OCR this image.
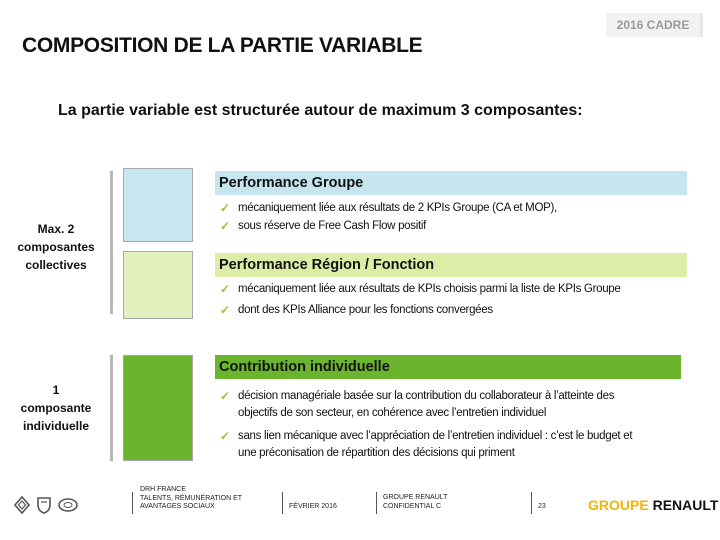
2016 CADRE
COMPOSITION DE LA PARTIE VARIABLE
La partie variable est structurée autour de maximum 3 composantes:
Max. 2
composantes
collectives
1
composante
individuelle
Performance Groupe
✓ mécaniquement liée aux résultats de 2 KPIs Groupe (CA et MOP),
✓ sous réserve de Free Cash Flow positif
Performance Région / Fonction
✓ mécaniquement liée aux résultats de KPIs choisis parmi la liste de KPIs Groupe
✓ dont des KPIs Alliance pour les fonctions convergées
Contribution individuelle
✓ décision managériale basée sur la contribution du collaborateur à l’atteinte des
objectifs de son secteur, en cohérence avec l’entretien individuel
✓ sans lien mécanique avec l’appréciation de l’entretien individuel : c’est le budget et
une préconisation de répartition des décisions qui priment
DRH FRANCE
TALENTS, RÉMUNÉRATION ET
AVANTAGES SOCIAUX	FÉVRIER 2016
GROUPE RENAULT
CONFIDENTIAL C	23	GROUPE RENAULT
